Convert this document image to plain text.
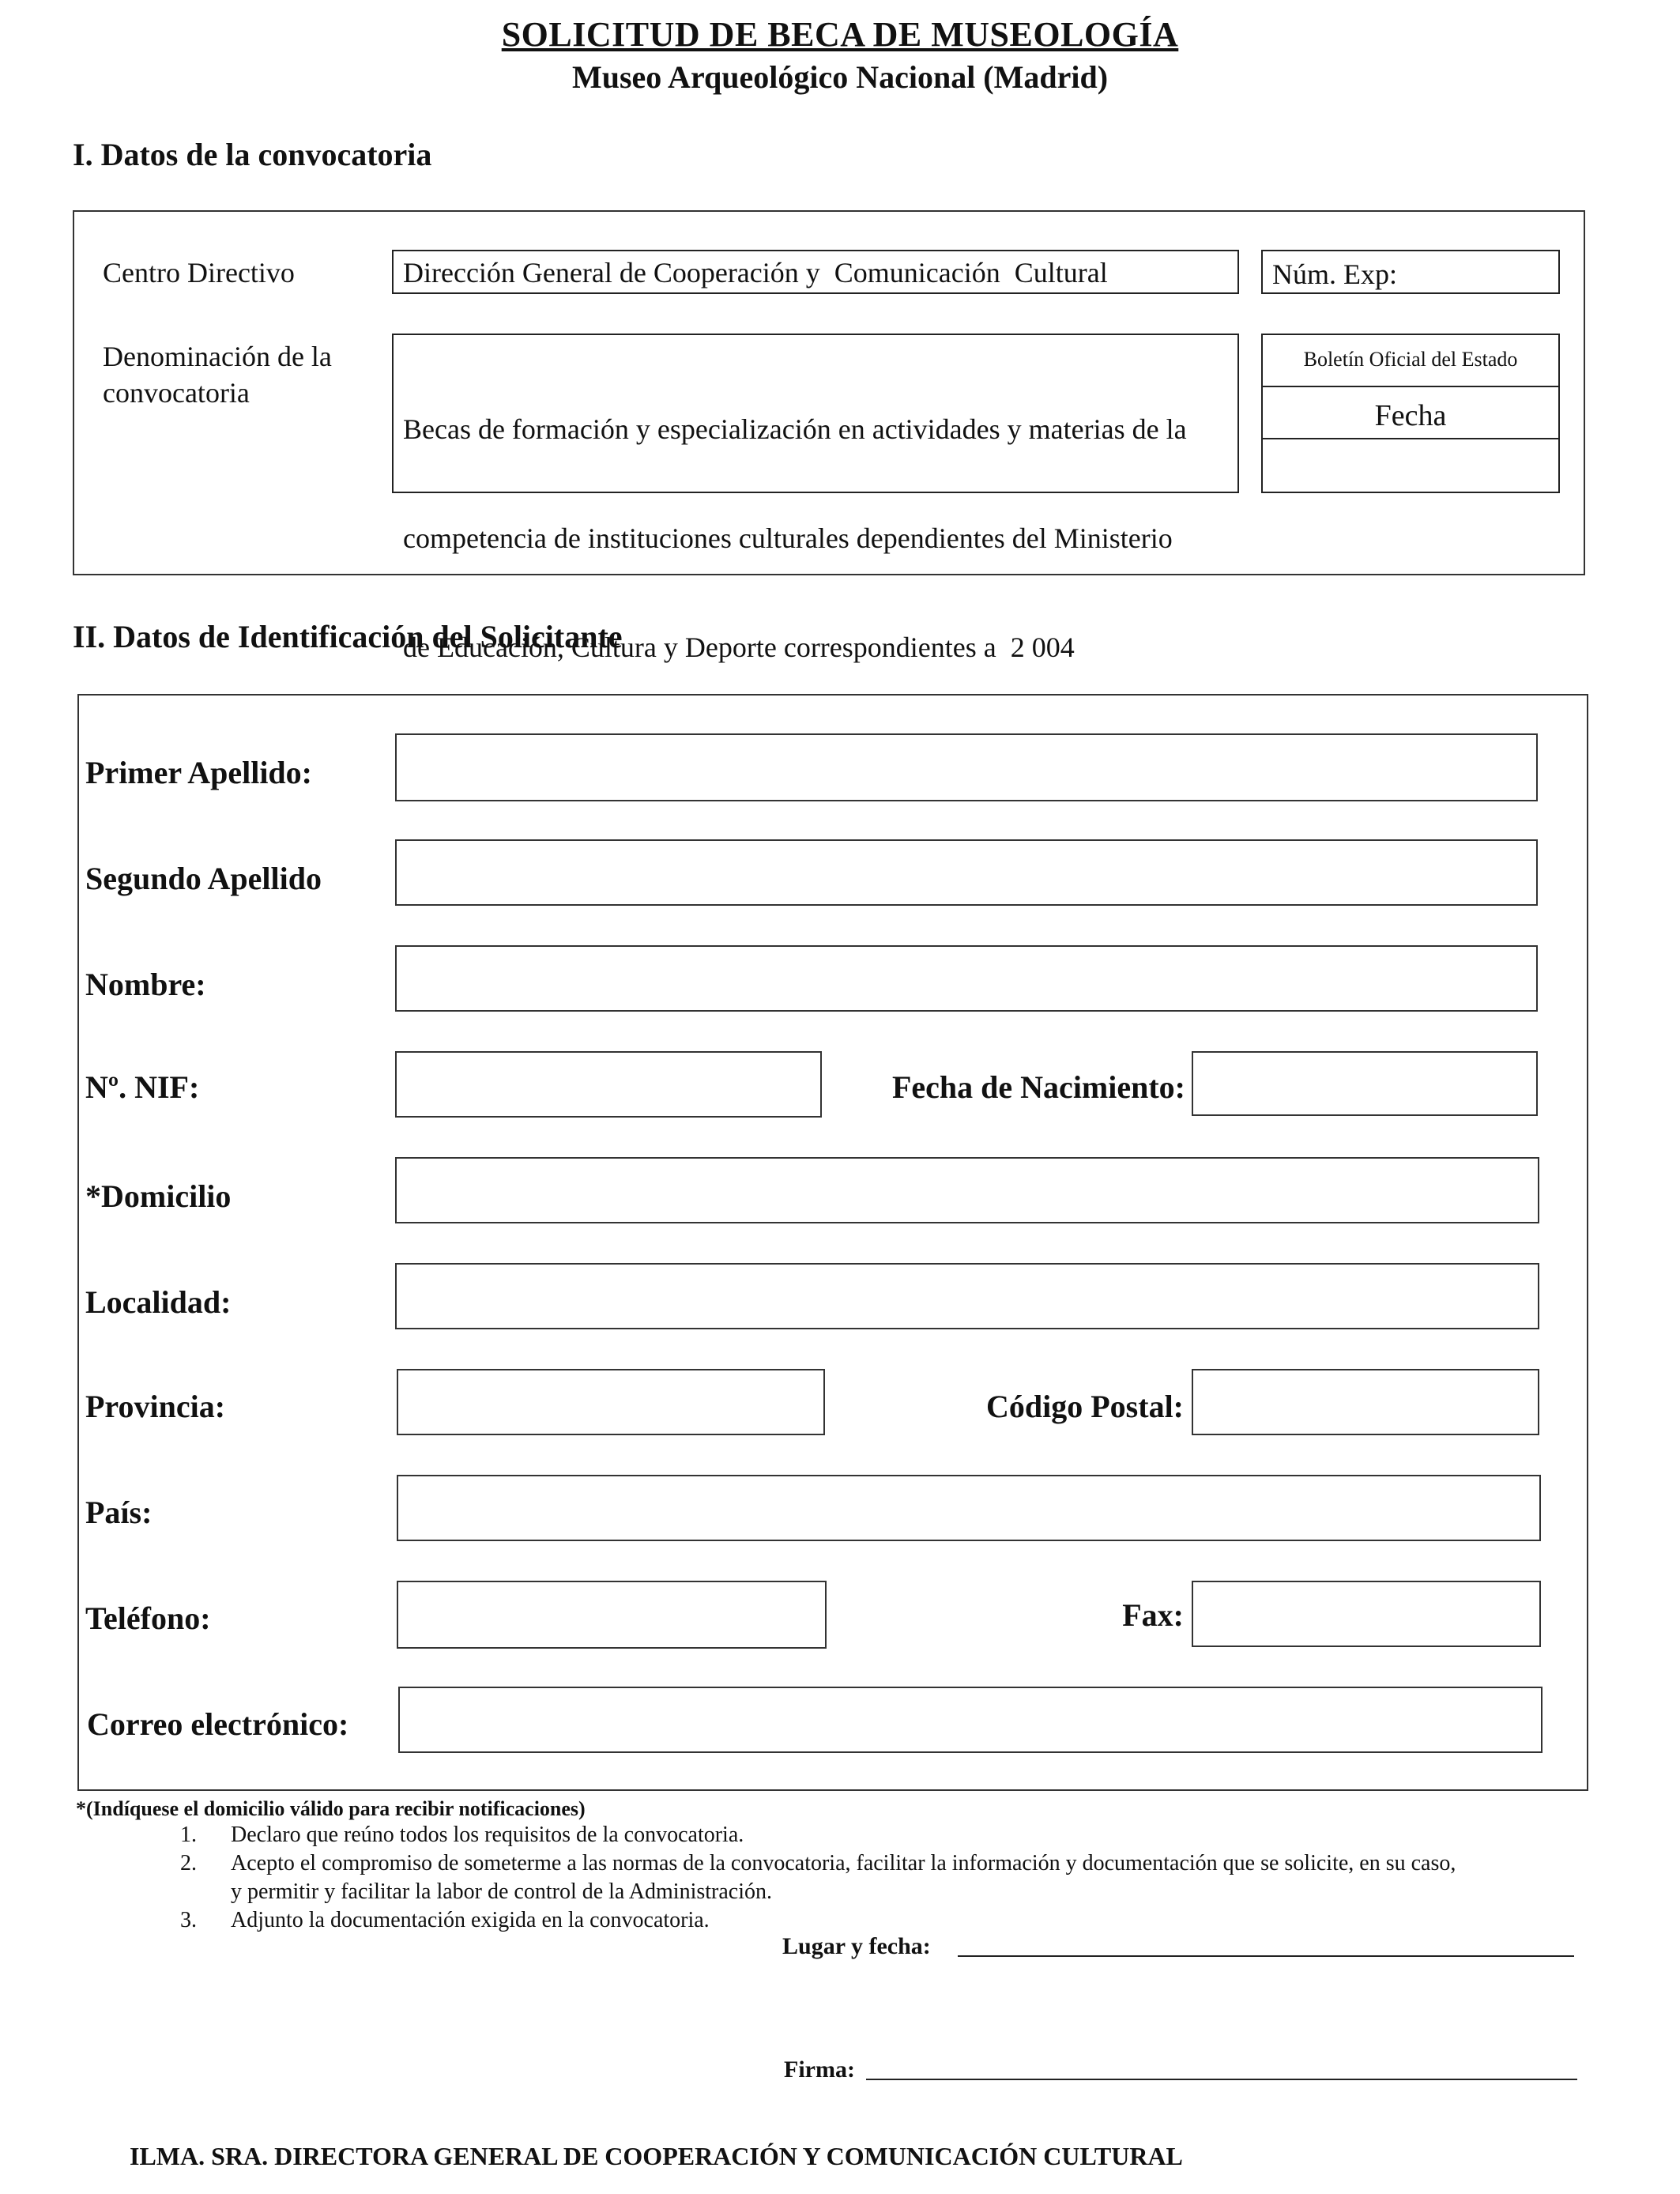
SOLICITUD DE BECA DE MUSEOLOGÍA
Museo Arqueológico Nacional (Madrid)
I. Datos de la convocatoria
Centro Directivo	Dirección General de Cooperación y  Comunicación  Cultural	Núm. Exp:
Denominación de la
convocatoria

Becas de formación y especialización en actividades y materias de la

competencia de instituciones culturales dependientes del Ministerio

de Educación, Cultura y Deporte correspondientes a  2 004

Boletín Oficial del Estado
Fecha
II. Datos de Identificación del Solicitante
Primer Apellido:
Segundo Apellido
Nombre:
Nº. NIF:	Fecha de Nacimiento:
*Domicilio
Localidad:
Provincia:	Código Postal:
País:
Teléfono:	Fax:
Correo electrónico:
*(Indíquese el domicilio válido para recibir notificaciones)
1. Declaro que reúno todos los requisitos de la convocatoria.
2. Acepto el compromiso de someterme a las normas de la convocatoria, facilitar la información y documentación que se solicite, en su caso,
y permitir y facilitar la labor de control de la Administración.
3. Adjunto la documentación exigida en la convocatoria.
Lugar y fecha:
Firma:
ILMA. SRA. DIRECTORA GENERAL DE COOPERACIÓN Y COMUNICACIÓN CULTURAL
